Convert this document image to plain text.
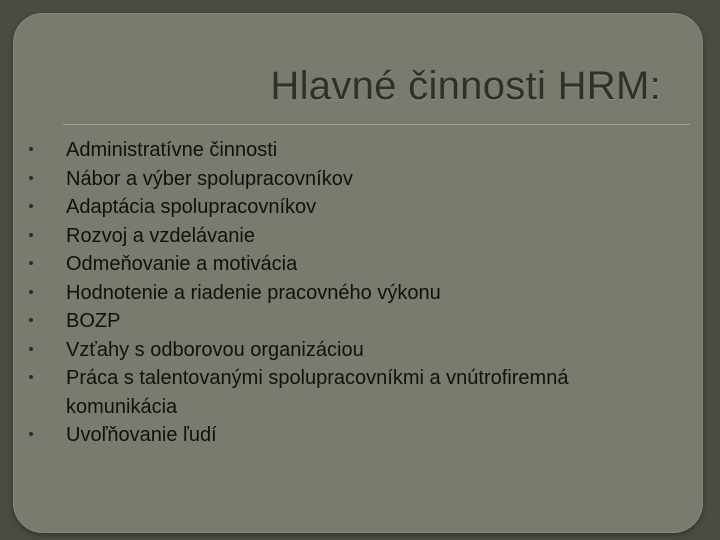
Hlavné činnosti HRM:
Administratívne činnosti
Nábor a výber spolupracovníkov
Adaptácia spolupracovníkov
Rozvoj a vzdelávanie
Odmeňovanie a motivácia
Hodnotenie a riadenie pracovného výkonu
BOZP
Vzťahy s odborovou organizáciou
Práca s talentovanými spolupracovníkmi a vnútrofiremná komunikácia
Uvoľňovanie ľudí
